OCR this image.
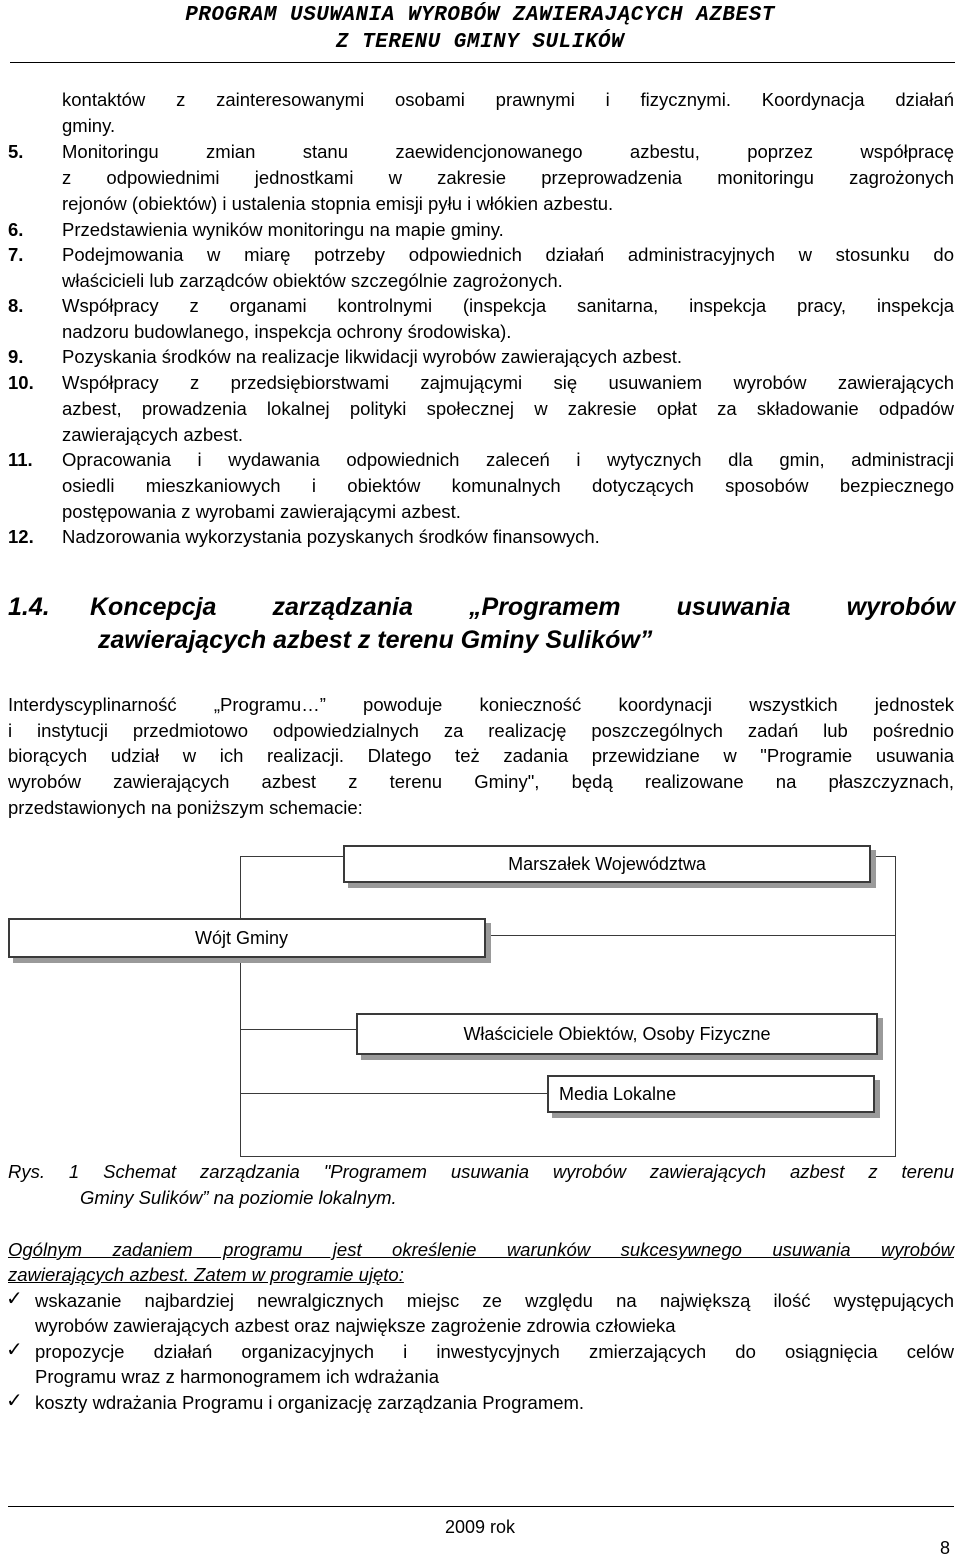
PROGRAM USUWANIA WYROBÓW ZAWIERAJĄCYCH AZBEST
Z TERENU GMINY SULIKÓW
kontaktów z zainteresowanymi osobami prawnymi i fizycznymi. Koordynacja działań
gminy.
5. Monitoringu zmian stanu zaewidencjonowanego azbestu, poprzez współpracę
z odpowiednimi jednostkami w zakresie przeprowadzenia monitoringu zagrożonych
rejonów (obiektów) i ustalenia stopnia emisji pyłu i włókien azbestu.
6. Przedstawienia wyników monitoringu na mapie gminy.
7. Podejmowania w miarę potrzeby odpowiednich działań administracyjnych w stosunku do
właścicieli lub zarządców obiektów szczególnie zagrożonych.
8. Współpracy z organami kontrolnymi (inspekcja sanitarna, inspekcja pracy, inspekcja
nadzoru budowlanego, inspekcja ochrony środowiska).
9. Pozyskania środków na realizacje likwidacji wyrobów zawierających azbest.
10. Współpracy z przedsiębiorstwami zajmującymi się usuwaniem wyrobów zawierających
azbest, prowadzenia lokalnej polityki społecznej w zakresie opłat za składowanie odpadów
zawierających azbest.
11. Opracowania i wydawania odpowiednich zaleceń i wytycznych dla gmin, administracji
osiedli mieszkaniowych i obiektów komunalnych dotyczących sposobów bezpiecznego
postępowania z wyrobami zawierającymi azbest.
12. Nadzorowania wykorzystania pozyskanych środków finansowych.
1.4. Koncepcja zarządzania „Programem usuwania wyrobów
zawierających azbest z terenu Gminy Sulików”
Interdyscyplinarność „Programu…” powoduje konieczność koordynacji wszystkich jednostek
i instytucji przedmiotowo odpowiedzialnych za realizację poszczególnych zadań lub pośrednio
biorących udział w ich realizacji. Dlatego też zadania przewidziane w "Programie usuwania
wyrobów zawierających azbest z terenu Gminy", będą realizowane na płaszczyznach,
przedstawionych na poniższym schemacie:
Marszałek Województwa
Wójt Gminy
Właściciele Obiektów, Osoby Fizyczne
Media Lokalne
Rys. 1 Schemat zarządzania "Programem usuwania wyrobów zawierających azbest z terenu
Gminy Sulików” na poziomie lokalnym.
Ogólnym zadaniem programu jest określenie warunków sukcesywnego usuwania wyrobów
zawierających azbest. Zatem w programie ujęto:
✓ wskazanie najbardziej newralgicznych miejsc ze względu na największą ilość występujących
wyrobów zawierających azbest oraz największe zagrożenie zdrowia człowieka
✓ propozycje działań organizacyjnych i inwestycyjnych zmierzających do osiągnięcia celów
Programu wraz z harmonogramem ich wdrażania
✓ koszty wdrażania Programu i organizację zarządzania Programem.
2009 rok
8
